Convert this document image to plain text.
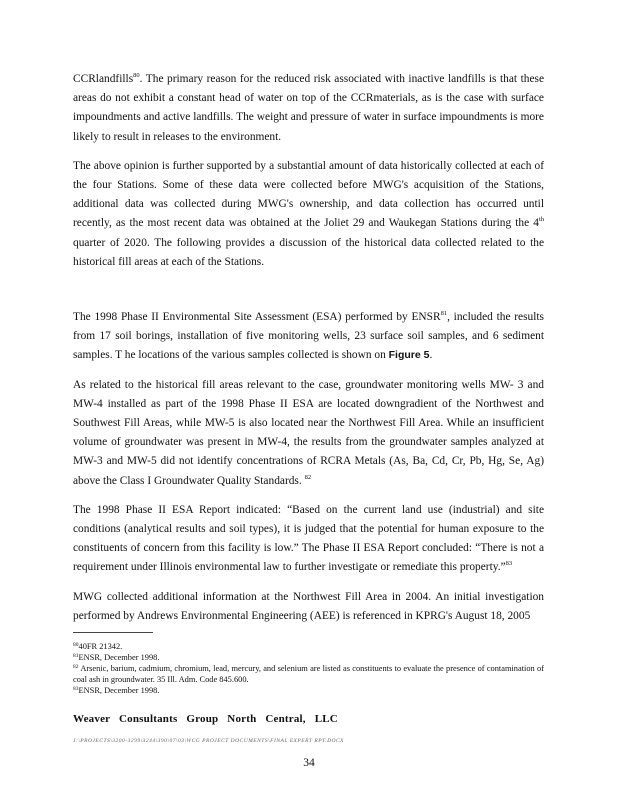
CCRlandfills$^{80}$. The primary reason for the reduced risk associated with inactive landfills is that these areas do not exhibit a constant head of water on top of the CCRmaterials, as is the case with surface impoundments and active landfills. The weight and pressure of water in surface impoundments is more likely to result in releases to the environment.

The above opinion is further supported by a substantial amount of data historically collected at each of the four Stations. Some of these data were collected before MWG's acquisition of the Stations, additional data was collected during MWG's ownership, and data collection has occurred until recently, as the most recent data was obtained at the Joliet 29 and Waukegan Stations during the 4th quarter of 2020. The following provides a discussion of the historical data collected related to the historical fill areas at each of the Stations.

The 1998 Phase II Environmental Site Assessment (ESA) performed by ENSR$^{81}$, included the results from 17 soil borings, installation of five monitoring wells, 23 surface soil samples, and 6 sediment samples. T he locations of the various samples collected is shown on Figure 5.

As related to the historical fill areas relevant to the case, groundwater monitoring wells MW- 3 and MW-4 installed as part of the 1998 Phase II ESA are located downgradient of the Northwest and Southwest Fill Areas, while MW-5 is also located near the Northwest Fill Area. While an insufficient volume of groundwater was present in MW-4, the results from the groundwater samples analyzed at MW-3 and MW-5 did not identify concentrations of RCRA Metals (As, Ba, Cd, Cr, Pb, Hg, Se, Ag) above the Class I Groundwater Quality Standards. $^{82}$

The 1998 Phase II ESA Report indicated: “Based on the current land use (industrial) and site conditions (analytical results and soil types), it is judged that the potential for human exposure to the constituents of concern from this facility is low.” The Phase II ESA Report concluded: “There is not a requirement under Illinois environmental law to further investigate or remediate this property.”$^{83}$

MWG collected additional information at the Northwest Fill Area in 2004. An initial investigation performed by Andrews Environmental Engineering (AEE) is referenced in KPRG's August 18, 2005

$^{80}$40FR 21342.

$^{81}$ENSR, December 1998.

$^{82}$ Arsenic, barium, cadmium, chromium, lead, mercury, and selenium are listed as constituents to evaluate the presence of contamination of coal ash in groundwater. 35 Ill. Adm. Code 845.600.

$^{83}$ENSR, December 1998.

Weaver Consultants Group North Central, LLC
J:\PROJECTS\3200-3299\3244\390\07\03\WCG PROJECT DOCUMENTS\FINAL EXPERT RPT.DOCX
34
